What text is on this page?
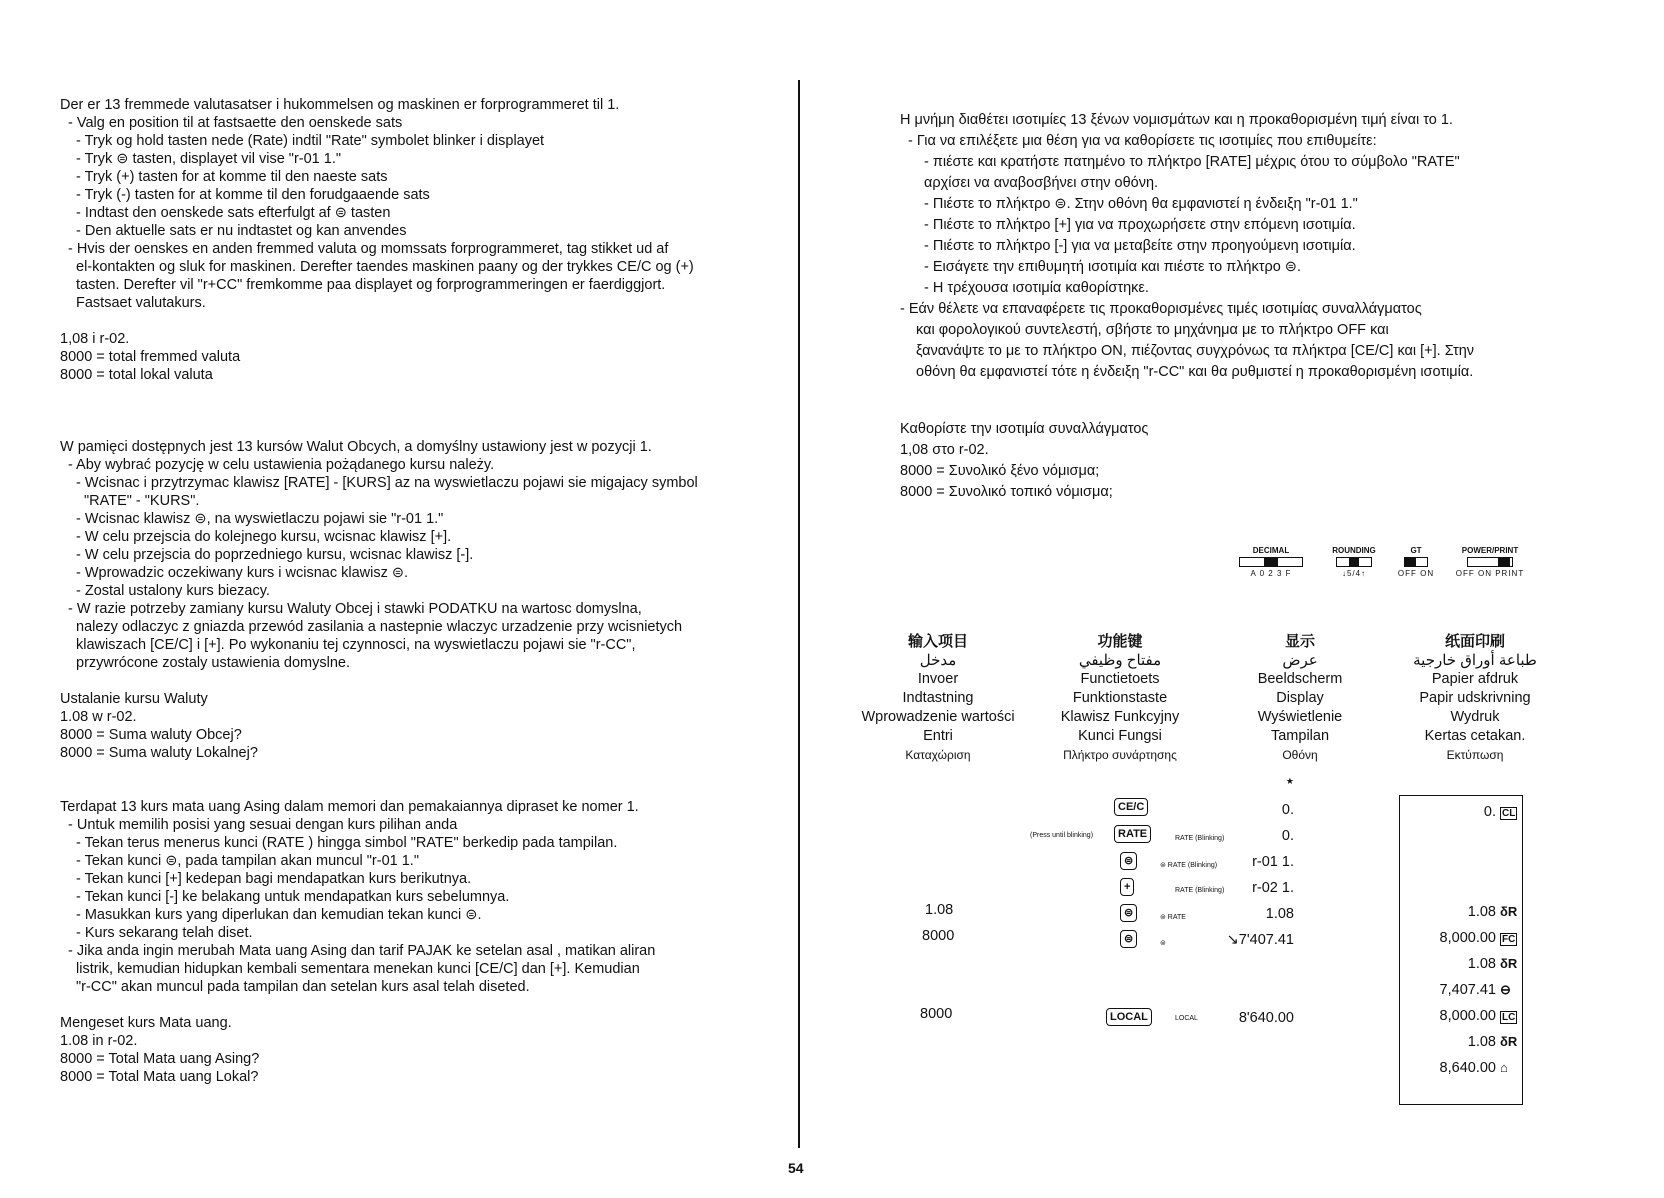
Der er 13 fremmede valutasatser i hukommelsen og maskinen er forprogrammeret til 1.
- Valg en position til at fastsaette den oenskede sats
- Tryk og hold tasten nede (Rate) indtil "Rate" symbolet blinker i displayet
- Tryk ⊜ tasten, displayet vil vise "r-01 1."
- Tryk (+) tasten for at komme til den naeste sats
- Tryk (-) tasten for at komme til den forudgaaende sats
- Indtast den oenskede sats efterfulgt af ⊜ tasten
- Den aktuelle sats er nu indtastet og kan anvendes
- Hvis der oenskes en anden fremmed valuta og momssats forprogrammeret, tag stikket ud af
el-kontakten og sluk for maskinen. Derefter taendes maskinen paany og der trykkes CE/C og (+)
tasten. Derefter vil "r+CC" fremkomme paa displayet og forprogrammeringen er faerdiggjort.
Fastsaet valutakurs.
1,08 i r-02.
8000 = total fremmed valuta
8000 = total lokal valuta
W pamięci dostępnych jest 13 kursów Walut Obcych, a domyślny ustawiony jest w pozycji 1.
- Aby wybrać pozycję w celu ustawienia pożądanego kursu należy.
- Wcisnac i przytrzymac klawisz [RATE] - [KURS] az na wyswietlaczu pojawi sie migajacy symbol
"RATE" - "KURS".
- Wcisnac klawisz ⊜, na wyswietlaczu pojawi sie "r-01 1."
- W celu przejscia do kolejnego kursu, wcisnac klawisz [+].
- W celu przejscia do poprzedniego kursu, wcisnac klawisz [-].
- Wprowadzic oczekiwany kurs i wcisnac klawisz ⊜.
- Zostal ustalony kurs biezacy.
- W razie potrzeby zamiany kursu Waluty Obcej i stawki PODATKU na wartosc domyslna,
nalezy odlaczyc z gniazda przewód zasilania a nastepnie wlaczyc urzadzenie przy wcisnietych
klawiszach [CE/C] i [+]. Po wykonaniu tej czynnosci, na wyswietlaczu pojawi sie "r-CC",
przywrócone zostaly ustawienia domyslne.
Ustalanie kursu Waluty
1.08 w r-02.
8000 = Suma waluty Obcej?
8000 = Suma waluty Lokalnej?
Terdapat 13 kurs mata uang Asing dalam memori dan pemakaiannya dipraset ke nomer 1.
- Untuk memilih posisi yang sesuai dengan kurs pilihan anda
- Tekan terus menerus kunci (RATE ) hingga simbol "RATE" berkedip pada tampilan.
- Tekan kunci ⊜, pada tampilan akan muncul "r-01 1."
- Tekan kunci [+] kedepan bagi mendapatkan kurs berikutnya.
- Tekan kunci [-] ke belakang untuk mendapatkan kurs sebelumnya.
- Masukkan kurs yang diperlukan dan kemudian tekan kunci ⊜.
- Kurs sekarang telah diset.
- Jika anda ingin merubah Mata uang Asing dan tarif PAJAK ke setelan asal , matikan aliran
listrik, kemudian hidupkan kembali sementara menekan kunci [CE/C] dan [+]. Kemudian
"r-CC" akan muncul pada tampilan dan setelan kurs asal telah diseted.
Mengeset kurs Mata uang.
1.08 in r-02.
8000 = Total Mata uang Asing?
8000 = Total Mata uang Lokal?
54
Η μνήμη διαθέτει ισοτιμίες 13 ξένων νομισμάτων και η προκαθορισμένη τιμή είναι το 1.
- Για να επιλέξετε μια θέση για να καθορίσετε τις ισοτιμίες που επιθυμείτε:
- πιέστε και κρατήστε πατημένο το πλήκτρο [RATE] μέχρις ότου το σύμβολο "RATE"
αρχίσει να αναβοσβήνει στην οθόνη.
- Πιέστε το πλήκτρο ⊜. Στην οθόνη θα εμφανιστεί η ένδειξη "r-01 1."
- Πιέστε το πλήκτρο [+] για να προχωρήσετε στην επόμενη ισοτιμία.
- Πιέστε το πλήκτρο [-] για να μεταβείτε στην προηγούμενη ισοτιμία.
- Εισάγετε την επιθυμητή ισοτιμία και πιέστε το πλήκτρο ⊜.
- Η τρέχουσα ισοτιμία καθορίστηκε.
- Εάν θέλετε να επαναφέρετε τις προκαθορισμένες τιμές ισοτιμίας συναλλάγματος
και φορολογικού συντελεστή, σβήστε το μηχάνημα με το πλήκτρο OFF και
ξανανάψτε το με το πλήκτρο ON, πιέζοντας συγχρόνως τα πλήκτρα [CE/C] και [+]. Στην
οθόνη θα εμφανιστεί τότε η ένδειξη "r-CC" και θα ρυθμιστεί η προκαθορισμένη ισοτιμία.
Καθορίστε την ισοτιμία συναλλάγματος
1,08 στο r-02.
8000 = Συνολικό ξένο νόμισμα;
8000 = Συνολικό τοπικό νόμισμα;
DECIMAL
A 0 2 3 F
ROUNDING
↓5/4↑
GT
OFF ON
POWER/PRINT
OFF ON PRINT
输入项目
مدخل
Invoer
Indtastning
Wprowadzenie wartości
Entri
Καταχώριση
功能键
مفتاح وظيفي
Functietoets
Funktionstaste
Klawisz Funkcyjny
Kunci Fungsi
Πλήκτρο συνάρτησης
显示
عرض
Beeldscherm
Display
Wyświetlenie
Tampilan
Οθόνη
纸面印刷
طباعة أوراق خارجية
Papier afdruk
Papir udskrivning
Wydruk
Kertas cetakan.
Εκτύπωση
1.08
8000
8000
CE/C
(Press until blinking)	RATE
⊜
+
⊜
⊜
LOCAL
RATE (Blinking)
⊜ RATE (Blinking)
RATE (Blinking)
⊜ RATE
⊜
LOCAL
★
0.
0.
r-01 1.
r-02 1.
1.08
↘7'407.41
8'640.00
0. CL
1.08 δR
8,000.00 FC
1.08 δR
7,407.41 ⊖
8,000.00 LC
1.08 δR
8,640.00 ⌂
